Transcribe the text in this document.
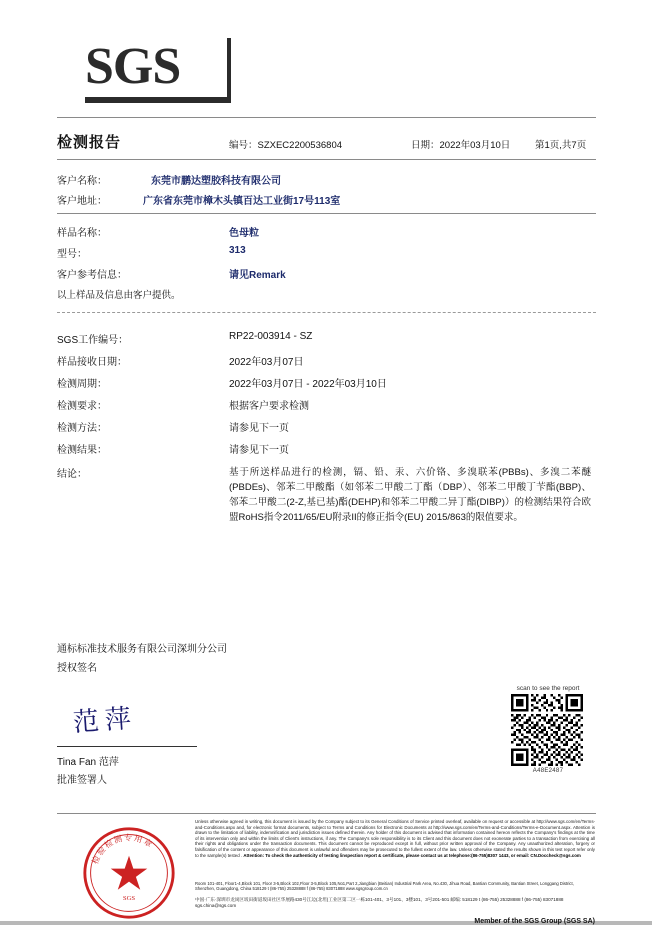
SGS
检测报告	编号：SZXEC2200536804	日期：2022年03月10日	第1页,共7页
客户名称：	东莞市鹏达塑胶科技有限公司
客户地址：	广东省东莞市樟木头镇百达工业街17号113室
样品名称：	色母粒
型号：	313
客户参考信息：	请见Remark
以上样品及信息由客户提供。
SGS工作编号：	RP22-003914 - SZ
样品接收日期：	2022年03月07日
检测周期：	2022年03月07日 - 2022年03月10日
检测要求：	根据客户要求检测
检测方法：	请参见下一页
检测结果：	请参见下一页
结论：	基于所送样品进行的检测，镉、铅、汞、六价铬、多溴联苯(PBBs)、多溴二苯醚(PBDEs)、邻苯二甲酸酯（如邻苯二甲酸二丁酯（DBP）、邻苯二甲酸丁苄酯(BBP)、邻苯二甲酸二(2-Z,基已基)酯(DEHP)和邻苯二甲酸二异丁酯(DIBP)）的检测结果符合欧盟RoHS指令2011/65/EU附录II的修正指令(EU) 2015/863的限值要求。
通标标准技术服务有限公司深圳分公司
授权签名
范萍
Tina Fan 范萍
批准签署人
scan to see the report
A48E2487
检验检测专用章
SGS
Unless otherwise agreed in writing, this document is issued by the Company subject to its General Conditions of Service printed overleaf, available on request or accessible at http://www.sgs.com/en/Terms-and-Conditions.aspx and, for electronic format documents, subject to Terms and Conditions for Electronic Documents at http://www.sgs.com/en/Terms-and-Conditions/Terms-e-Document.aspx. Attention is drawn to the limitation of liability, indemnification and jurisdiction issues defined therein. Any holder of this document is advised that information contained hereon reflects the Company's findings at the time of its intervention only and within the limits of Client's instructions, if any. The Company's sole responsibility is to its Client and this document does not exonerate parties to a transaction from exercising all their rights and obligations under the transaction documents. This document cannot be reproduced except in full, without prior written approval of the Company. Any unauthorized alteration, forgery or falsification of the content or appearance of this document is unlawful and offenders may be prosecuted to the fullest extent of the law. Unless otherwise stated the results shown in this test report refer only to the sample(s) tested . Attention: To check the authenticity of testing /inspection report & certificate, please contact us at telephone:(86-755)8307 1443, or email: CN.Doccheck@sgs.com
Room 101-401, Floor1-4,Block 101, Floor 3-5,Block 102,Floor 3-5,Block 105,No1,Part 2,Jiangbian (Beitian) Industrial Park Area, No.430, Jihua Road, Bantian Community, Bantian Street, Longgang District, Shenzhen, Guangdong, China 518129 t (86-755) 25328888 f (86-755) 83071888 www.sgsgroup.com.cn
中国·广东·深圳市龙岗区坂田街道坂田社区华展路430号江边(北坦)工业区第二区一栋101-401、3号101、3楼101、3号201-501 邮编: 518129 t (86-755) 25328888 f (86-755) 83071888 sgs.china@sgs.com
Member of the SGS Group (SGS SA)
